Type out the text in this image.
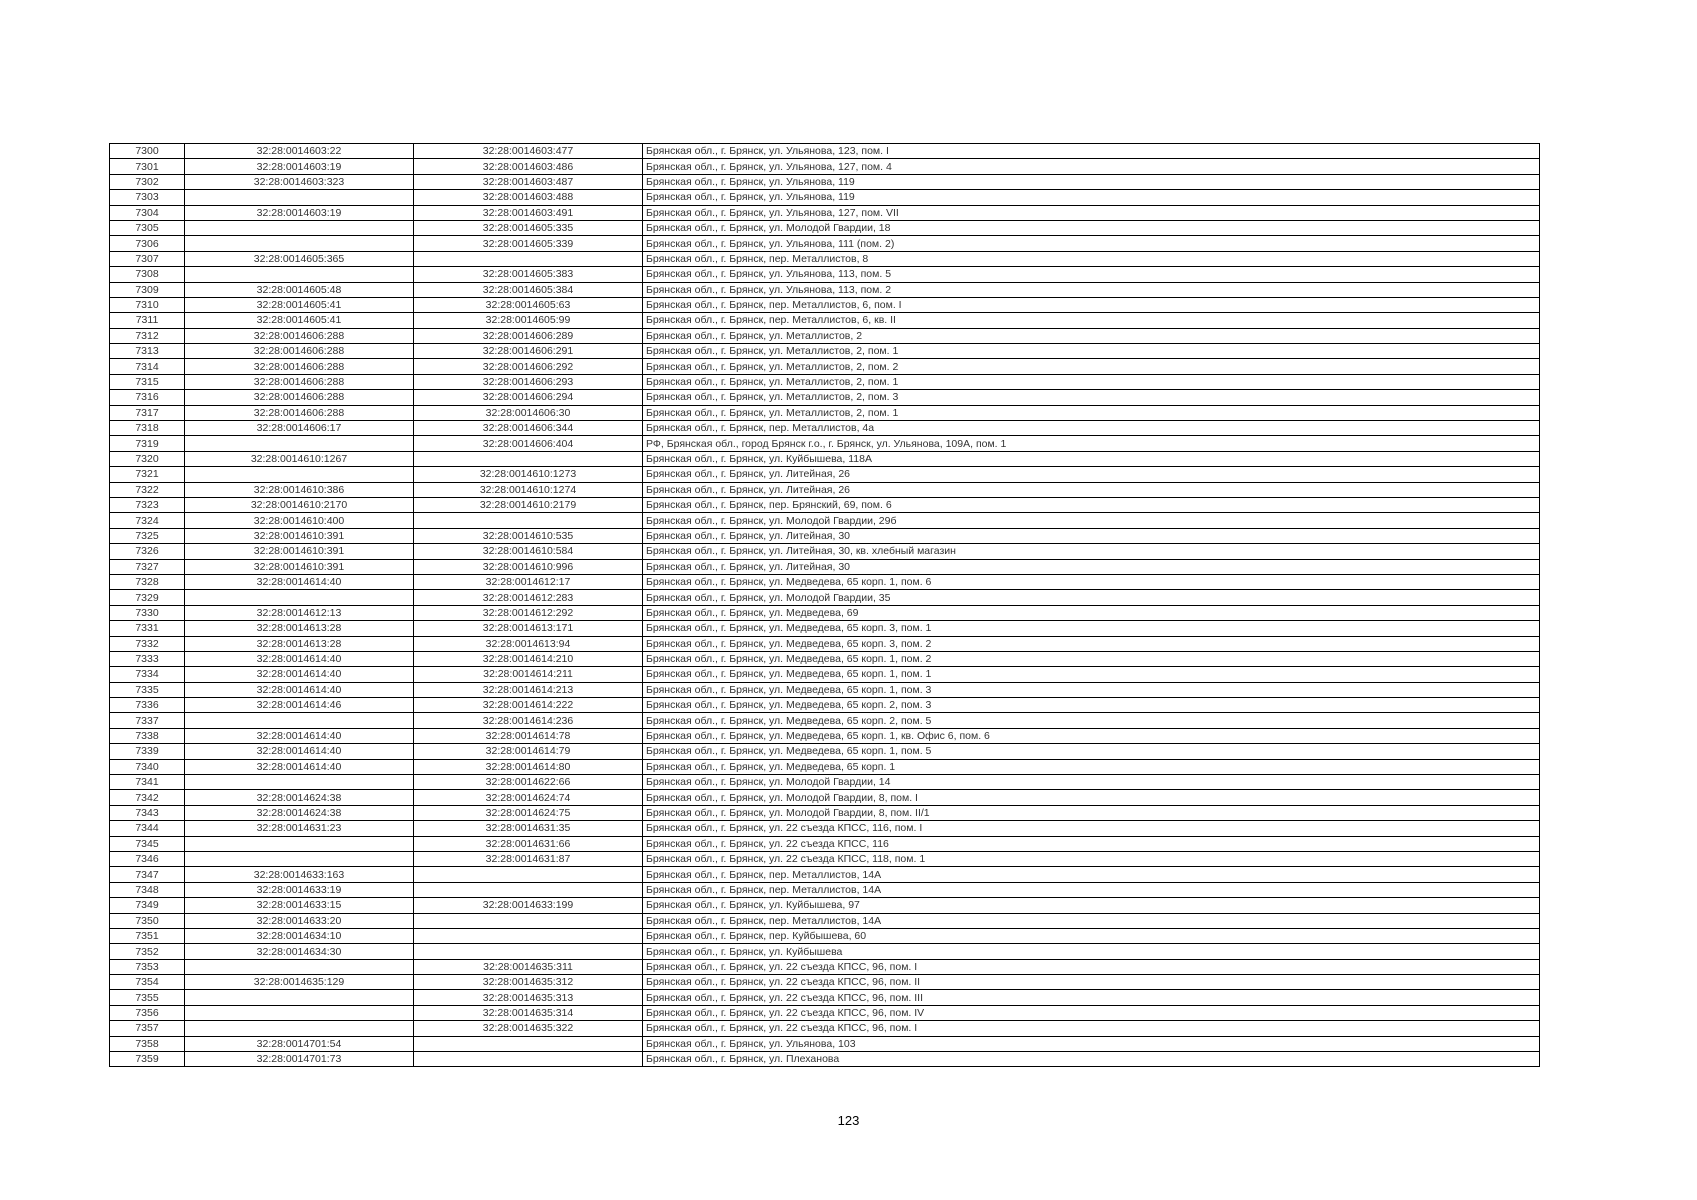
7300	32:28:0014603:22	32:28:0014603:477	Брянская обл., г. Брянск, ул. Ульянова, 123, пом. I
7301	32:28:0014603:19	32:28:0014603:486	Брянская обл., г. Брянск, ул. Ульянова, 127, пом. 4
7302	32:28:0014603:323	32:28:0014603:487	Брянская обл., г. Брянск, ул. Ульянова, 119
7303		32:28:0014603:488	Брянская обл., г. Брянск, ул. Ульянова, 119
7304	32:28:0014603:19	32:28:0014603:491	Брянская обл., г. Брянск, ул. Ульянова, 127, пом. VII
7305		32:28:0014605:335	Брянская обл., г. Брянск, ул. Молодой Гвардии, 18
7306		32:28:0014605:339	Брянская обл., г. Брянск, ул. Ульянова, 111 (пом. 2)
7307	32:28:0014605:365		Брянская обл., г. Брянск, пер. Металлистов, 8
7308		32:28:0014605:383	Брянская обл., г. Брянск, ул. Ульянова, 113, пом. 5
7309	32:28:0014605:48	32:28:0014605:384	Брянская обл., г. Брянск, ул. Ульянова, 113, пом. 2
7310	32:28:0014605:41	32:28:0014605:63	Брянская обл., г. Брянск, пер. Металлистов, 6, пом. I
7311	32:28:0014605:41	32:28:0014605:99	Брянская обл., г. Брянск, пер. Металлистов, 6, кв. II
7312	32:28:0014606:288	32:28:0014606:289	Брянская обл., г. Брянск, ул. Металлистов, 2
7313	32:28:0014606:288	32:28:0014606:291	Брянская обл., г. Брянск, ул. Металлистов, 2, пом. 1
7314	32:28:0014606:288	32:28:0014606:292	Брянская обл., г. Брянск, ул. Металлистов, 2, пом. 2
7315	32:28:0014606:288	32:28:0014606:293	Брянская обл., г. Брянск, ул. Металлистов, 2, пом. 1
7316	32:28:0014606:288	32:28:0014606:294	Брянская обл., г. Брянск, ул. Металлистов, 2, пом. 3
7317	32:28:0014606:288	32:28:0014606:30	Брянская обл., г. Брянск, ул. Металлистов, 2, пом. 1
7318	32:28:0014606:17	32:28:0014606:344	Брянская обл., г. Брянск, пер. Металлистов, 4а
7319		32:28:0014606:404	РФ, Брянская обл., город Брянск г.о., г. Брянск, ул. Ульянова, 109А, пом. 1
7320	32:28:0014610:1267		Брянская обл., г. Брянск, ул. Куйбышева, 118А
7321		32:28:0014610:1273	Брянская обл., г. Брянск, ул. Литейная, 26
7322	32:28:0014610:386	32:28:0014610:1274	Брянская обл., г. Брянск, ул. Литейная, 26
7323	32:28:0014610:2170	32:28:0014610:2179	Брянская обл., г. Брянск, пер. Брянский, 69, пом. 6
7324	32:28:0014610:400		Брянская обл., г. Брянск, ул. Молодой Гвардии, 29б
7325	32:28:0014610:391	32:28:0014610:535	Брянская обл., г. Брянск, ул. Литейная, 30
7326	32:28:0014610:391	32:28:0014610:584	Брянская обл., г. Брянск, ул. Литейная, 30, кв. хлебный магазин
7327	32:28:0014610:391	32:28:0014610:996	Брянская обл., г. Брянск, ул. Литейная, 30
7328	32:28:0014614:40	32:28:0014612:17	Брянская обл., г. Брянск, ул. Медведева, 65 корп. 1, пом. 6
7329		32:28:0014612:283	Брянская обл., г. Брянск, ул. Молодой Гвардии, 35
7330	32:28:0014612:13	32:28:0014612:292	Брянская обл., г. Брянск, ул. Медведева, 69
7331	32:28:0014613:28	32:28:0014613:171	Брянская обл., г. Брянск, ул. Медведева, 65 корп. 3, пом. 1
7332	32:28:0014613:28	32:28:0014613:94	Брянская обл., г. Брянск, ул. Медведева, 65 корп. 3, пом. 2
7333	32:28:0014614:40	32:28:0014614:210	Брянская обл., г. Брянск, ул. Медведева, 65 корп. 1, пом. 2
7334	32:28:0014614:40	32:28:0014614:211	Брянская обл., г. Брянск, ул. Медведева, 65 корп. 1, пом. 1
7335	32:28:0014614:40	32:28:0014614:213	Брянская обл., г. Брянск, ул. Медведева, 65 корп. 1, пом. 3
7336	32:28:0014614:46	32:28:0014614:222	Брянская обл., г. Брянск, ул. Медведева, 65 корп. 2, пом. 3
7337		32:28:0014614:236	Брянская обл., г. Брянск, ул. Медведева, 65 корп. 2, пом. 5
7338	32:28:0014614:40	32:28:0014614:78	Брянская обл., г. Брянск, ул. Медведева, 65 корп. 1, кв. Офис 6, пом. 6
7339	32:28:0014614:40	32:28:0014614:79	Брянская обл., г. Брянск, ул. Медведева, 65 корп. 1, пом. 5
7340	32:28:0014614:40	32:28:0014614:80	Брянская обл., г. Брянск, ул. Медведева, 65 корп. 1
7341		32:28:0014622:66	Брянская обл., г. Брянск, ул. Молодой Гвардии, 14
7342	32:28:0014624:38	32:28:0014624:74	Брянская обл., г. Брянск, ул. Молодой Гвардии, 8, пом. I
7343	32:28:0014624:38	32:28:0014624:75	Брянская обл., г. Брянск, ул. Молодой Гвардии, 8, пом. II/1
7344	32:28:0014631:23	32:28:0014631:35	Брянская обл., г. Брянск, ул. 22 съезда КПСС, 116, пом. I
7345		32:28:0014631:66	Брянская обл., г. Брянск, ул. 22 съезда КПСС, 116
7346		32:28:0014631:87	Брянская обл., г. Брянск, ул. 22 съезда КПСС, 118, пом. 1
7347	32:28:0014633:163		Брянская обл., г. Брянск, пер. Металлистов, 14А
7348	32:28:0014633:19		Брянская обл., г. Брянск, пер. Металлистов, 14А
7349	32:28:0014633:15	32:28:0014633:199	Брянская обл., г. Брянск, ул. Куйбышева, 97
7350	32:28:0014633:20		Брянская обл., г. Брянск, пер. Металлистов, 14А
7351	32:28:0014634:10		Брянская обл., г. Брянск, пер. Куйбышева, 60
7352	32:28:0014634:30		Брянская обл., г. Брянск, ул. Куйбышева
7353		32:28:0014635:311	Брянская обл., г. Брянск, ул. 22 съезда КПСС, 96, пом. I
7354	32:28:0014635:129	32:28:0014635:312	Брянская обл., г. Брянск, ул. 22 съезда КПСС, 96, пом. II
7355		32:28:0014635:313	Брянская обл., г. Брянск, ул. 22 съезда КПСС, 96, пом. III
7356		32:28:0014635:314	Брянская обл., г. Брянск, ул. 22 съезда КПСС, 96, пом. IV
7357		32:28:0014635:322	Брянская обл., г. Брянск, ул. 22 съезда КПСС, 96, пом. I
7358	32:28:0014701:54		Брянская обл., г. Брянск, ул. Ульянова, 103
7359	32:28:0014701:73		Брянская обл., г. Брянск, ул. Плеханова
123
